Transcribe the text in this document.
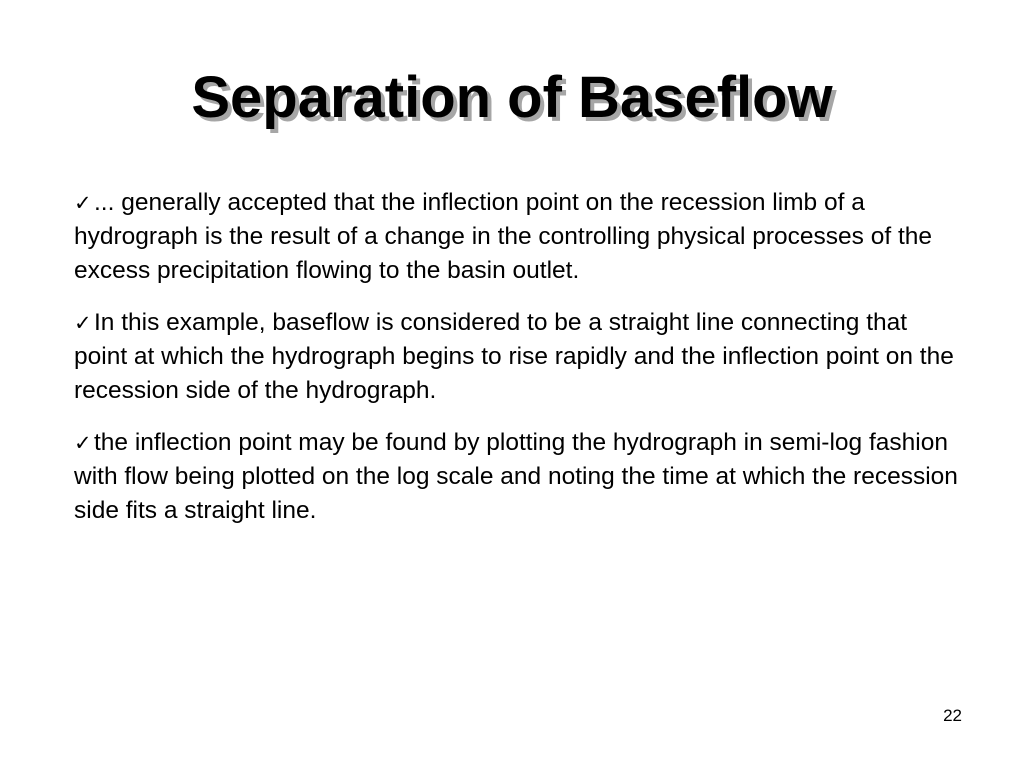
Separation of Baseflow
✓... generally accepted that the inflection point on the recession limb of a hydrograph is the result of a change in the controlling physical processes of the excess precipitation flowing to the basin outlet.
✓In this example, baseflow is considered to be a straight line connecting that point at which the hydrograph begins to rise rapidly and the inflection point on the recession side of the hydrograph.
✓the inflection point may be found by plotting the hydrograph in semi-log fashion with flow being plotted on the log scale and noting the time at which the recession side fits a straight line.
22
